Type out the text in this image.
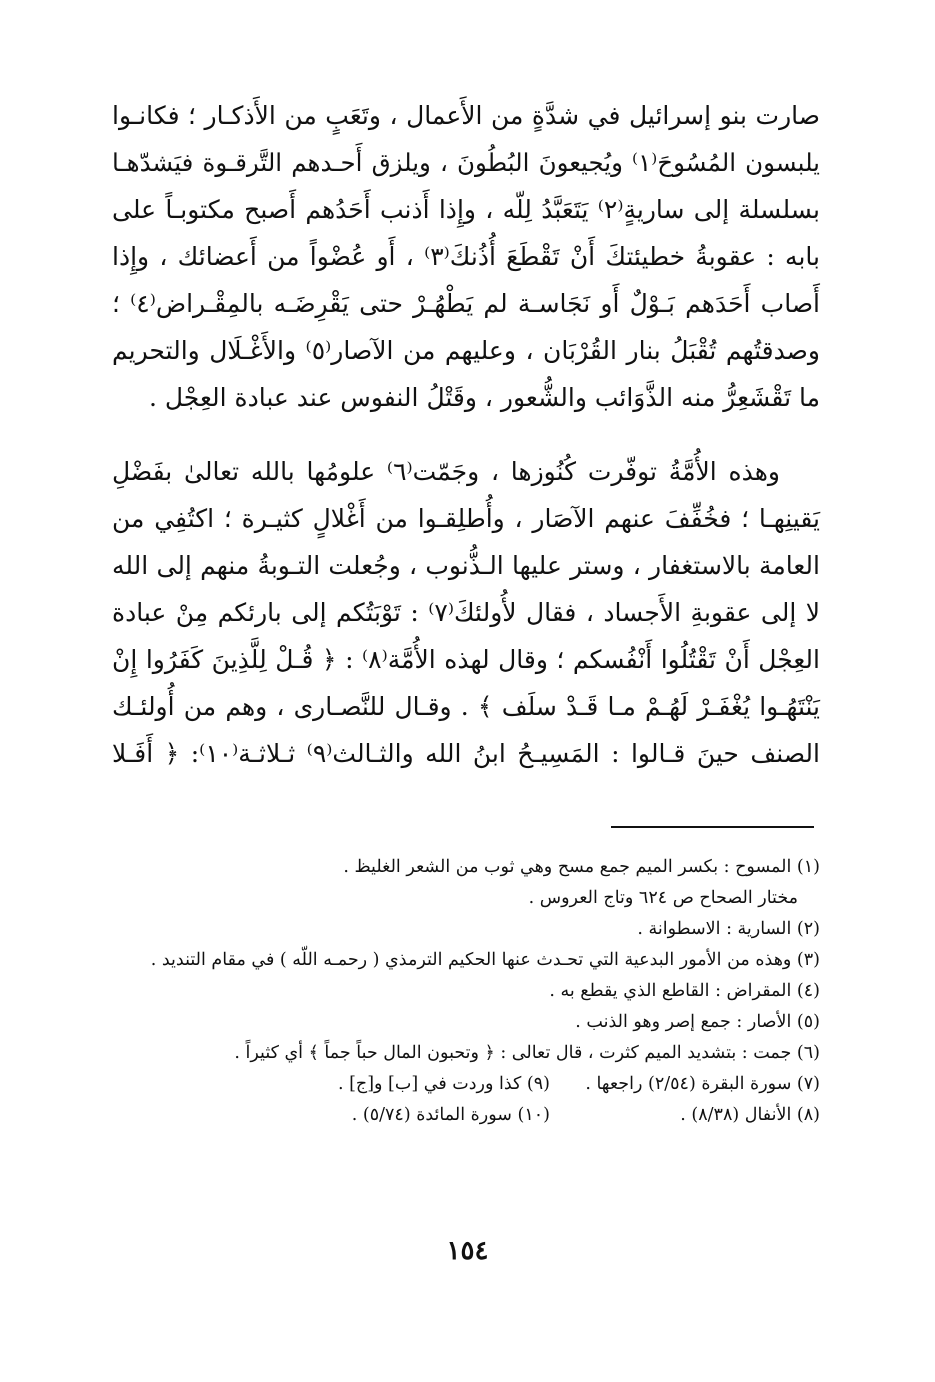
صارت بنو إسرائيل في شدَّةٍ من الأَعمال ، وتَعَبٍ من الأَذكـار ؛ فكانـوا
يلبسون المُسُوحَ⁽١⁾ ويُجيعونَ البُطُونَ ، ويلزق أَحـدهم التَّرقـوة فيَشدّهـا
بسلسلة إلى ساريةٍ⁽٢⁾ يَتَعَبَّدُ لِلّه ، وإِذا أَذنب أَحَدُهم أَصبح مكتوبـاً على
بابه : عقوبةُ خطيئتكَ أَنْ تَقْطَعَ أُذُنكَ⁽٣⁾ ، أَو عُضْواً من أَعضائك ، وإِذا
أَصاب أَحَدَهم بَـوْلٌ أَو نَجَاسـة لم يَطْهُـرْ حتى يَقْرِضَـه بالمِقْـراض⁽٤⁾ ؛
وصدقتُهم تُقْبَلُ بنار القُرْبَان ، وعليهم من الآصار⁽٥⁾ والأَغْـلَال والتحريم
ما تَقْشَعِرُّ منه الذَّوَائب والشُّعور ، وقَتْلُ النفوس عند عبادة العِجْل .

وهذه الأُمَّةُ توفّرت كُنُوزها ، وجَمّت⁽٦⁾ علومُها بالله تعالىٰ بفَضْلِ
يَقينِهـا ؛ فخُفِّفَ عنهم الآصَار ، وأُطلِقـوا من أَغْلالٍ كثيـرة ؛ اكتُفِي من
العامة بالاستغفار ، وستر عليها الـذُّنوب ، وجُعلت التـوبةُ منهم إلى الله
لا إلى عقوبةِ الأَجساد ، فقال لأُولئكَ⁽٧⁾ : تَوْبَتُكم إلى بارئكم مِنْ عبادة
العِجْل أَنْ تَقْتُلُوا أَنْفُسكم ؛ وقال لهذه الأُمَّة⁽٨⁾ : ﴿ قُـلْ لِلَّذِينَ كَفَرُوا إِنْ
يَنْتَهُـوا يُغْفَـرْ لَهُـمْ مـا قَـدْ سلَف ﴾ . وقـال للنَّصـارى ، وهم من أُولئـك
الصنف حينَ قـالوا : المَسِيـحُ ابنُ الله والثـالث⁽٩⁾ ثـلاثـة⁽١٠⁾: ﴿ أَفَـلا

(١) المسوح : بكسر الميم جمع مسح وهي ثوب من الشعر الغليظ .
مختار الصحاح ص ٦٢٤ وتاج العروس .
(٢) السارية : الاسطوانة .
(٣) وهذه من الأمور البدعية التي تحـدث عنها الحكيم الترمذي ( رحمـه اللّه ) في مقام التنديد .
(٤) المقراض : القاطع الذي يقطع به .
(٥) الأصار : جمع إصر وهو الذنب .
(٦) جمت : بتشديد الميم كثرت ، قال تعالى : ﴿ وتحبون المال حباً جماً ﴾ أي كثيراً .
(٧) سورة البقرة (٢/٥٤) راجعها .
(٩) كذا وردت في [ب] و[ج] .
(٨) الأنفال (٨/٣٨) .
(١٠) سورة المائدة (٥/٧٤) .
١٥٤
